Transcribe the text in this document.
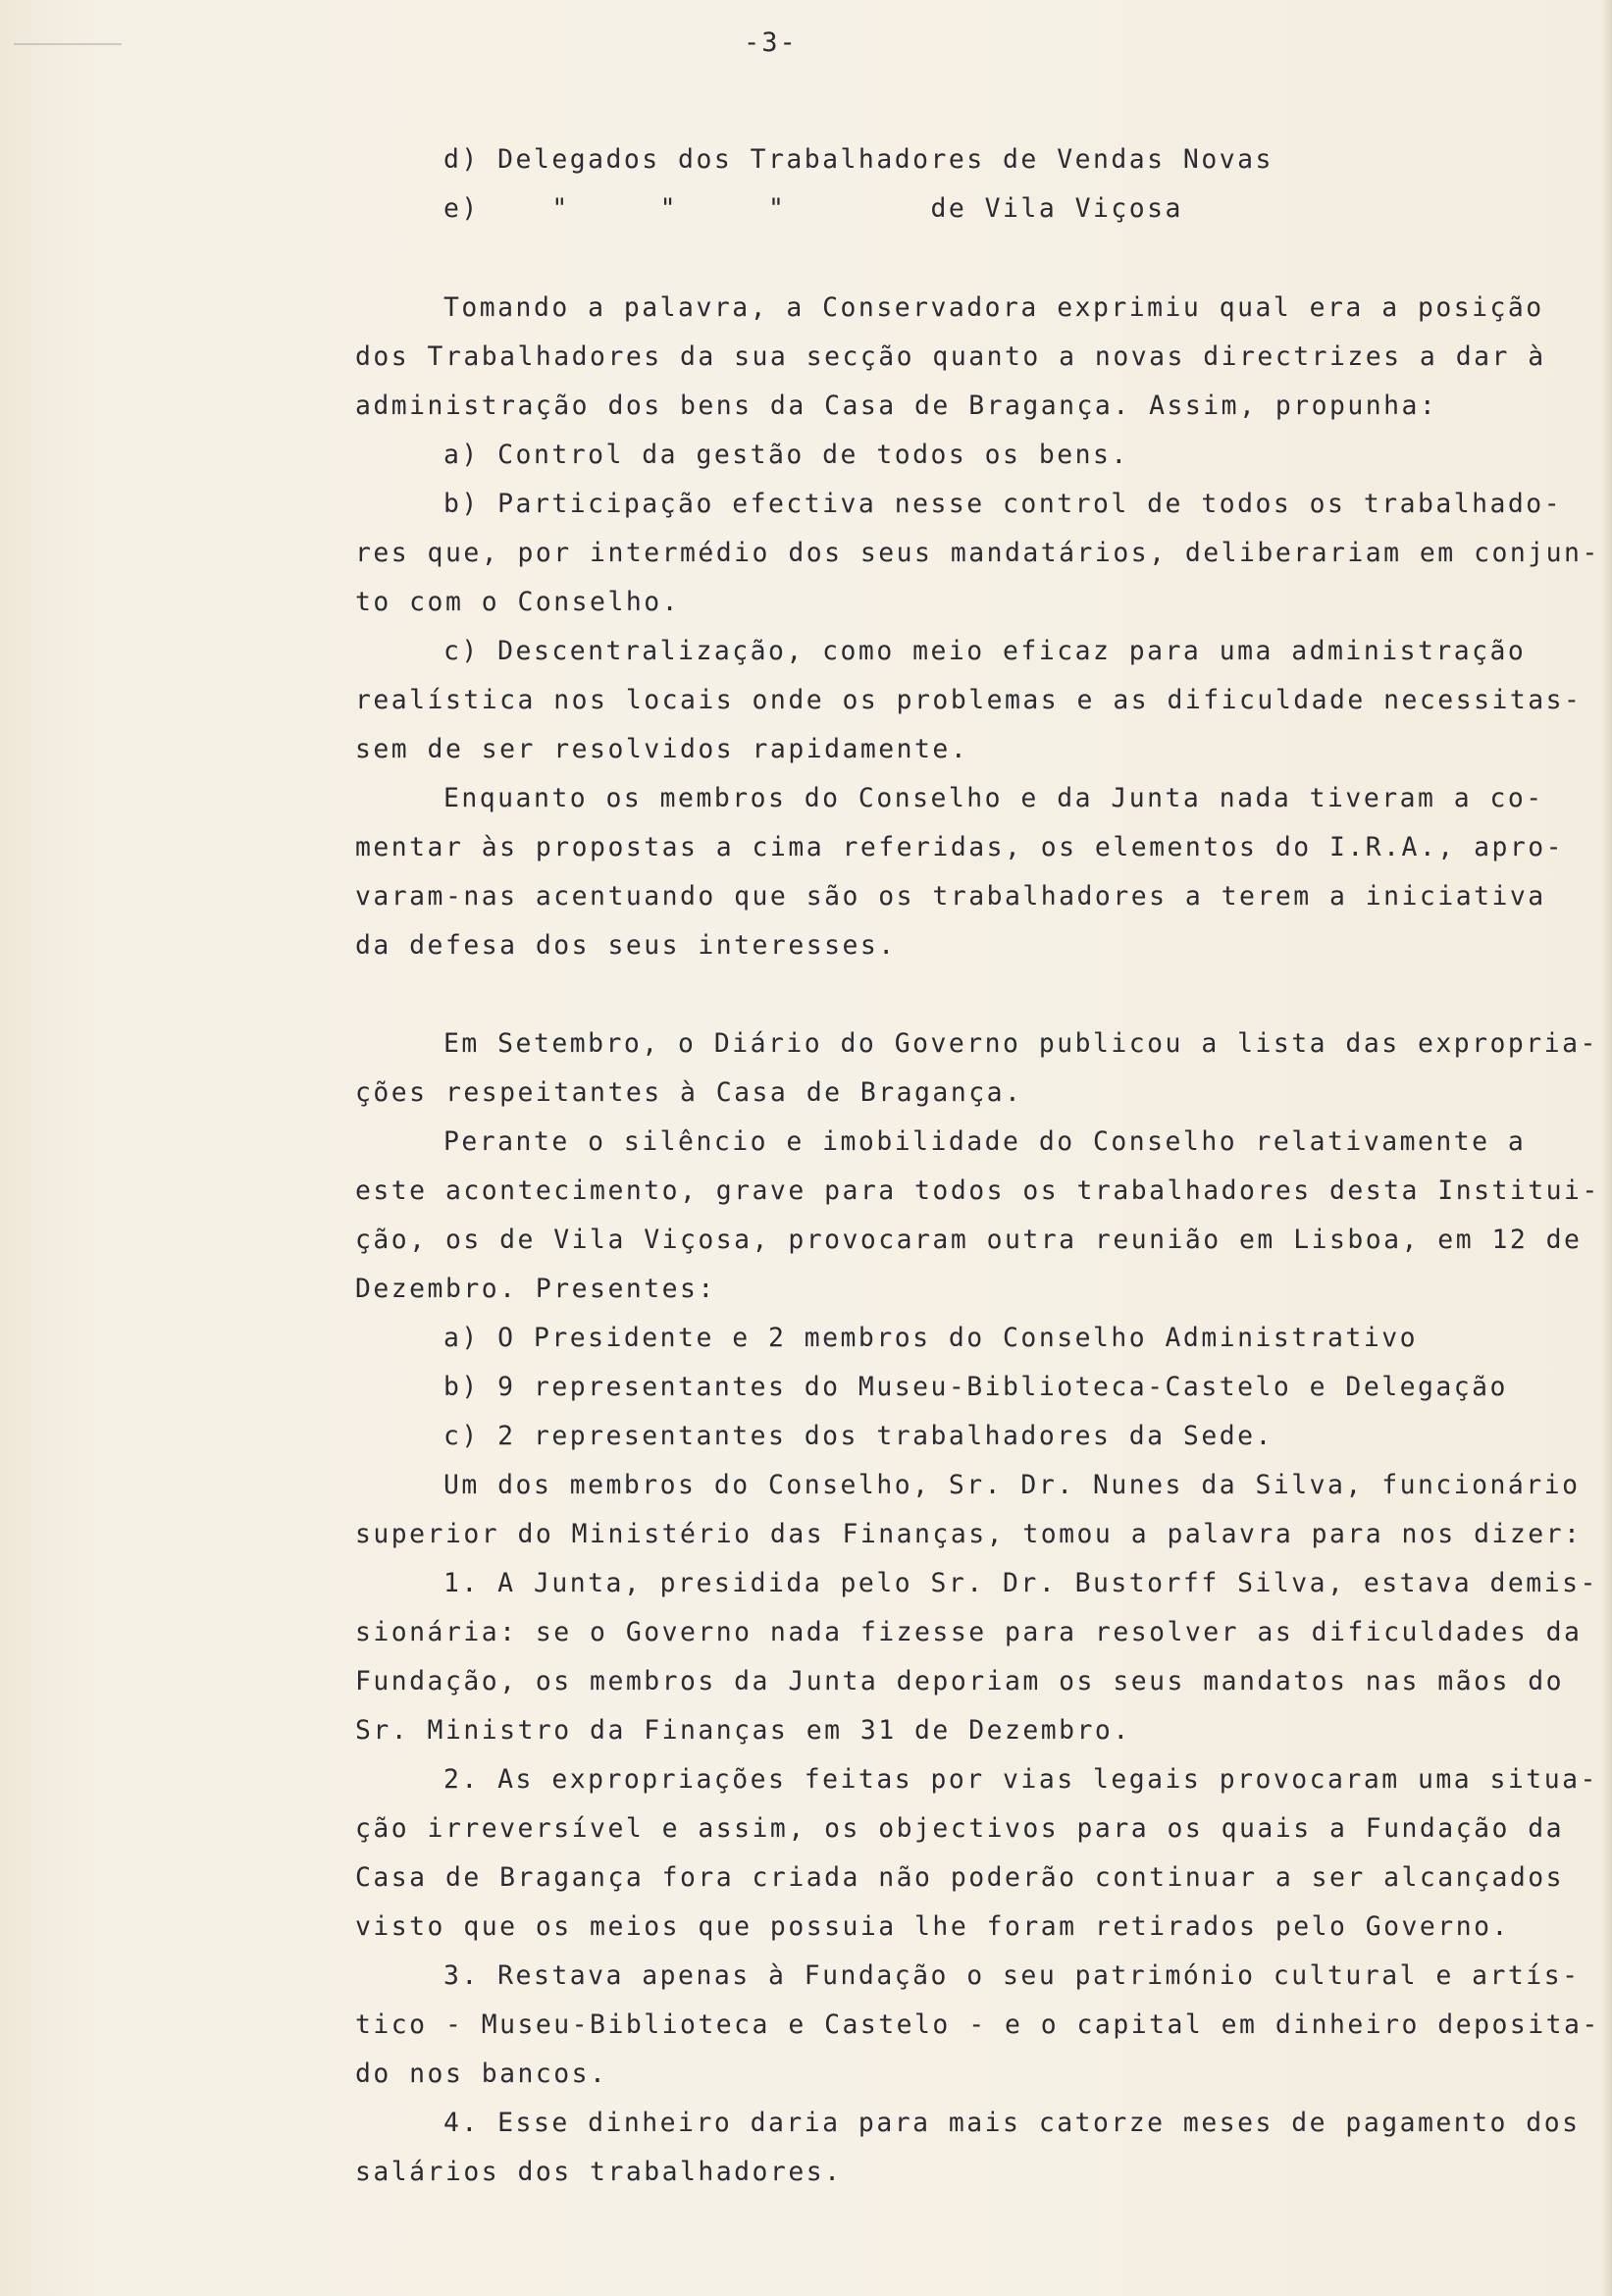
-3-
d) Delegados dos Trabalhadores de Vendas Novas
e)    "     "     "        de Vila Viçosa
Tomando a palavra, a Conservadora exprimiu qual era a posição
dos Trabalhadores da sua secção quanto a novas directrizes a dar à
administração dos bens da Casa de Bragança. Assim, propunha:
a) Control da gestão de todos os bens.
b) Participação efectiva nesse control de todos os trabalhado-
res que, por intermédio dos seus mandatários, deliberariam em conjun-
to com o Conselho.
c) Descentralização, como meio eficaz para uma administração
realística nos locais onde os problemas e as dificuldade necessitas-
sem de ser resolvidos rapidamente.
Enquanto os membros do Conselho e da Junta nada tiveram a co-
mentar às propostas a cima referidas, os elementos do I.R.A., apro-
varam-nas acentuando que são os trabalhadores a terem a iniciativa
da defesa dos seus interesses.
Em Setembro, o Diário do Governo publicou a lista das expropria-
ções respeitantes à Casa de Bragança.
Perante o silêncio e imobilidade do Conselho relativamente a
este acontecimento, grave para todos os trabalhadores desta Institui-
ção, os de Vila Viçosa, provocaram outra reunião em Lisboa, em 12 de
Dezembro. Presentes:
a) O Presidente e 2 membros do Conselho Administrativo
b) 9 representantes do Museu-Biblioteca-Castelo e Delegação
c) 2 representantes dos trabalhadores da Sede.
Um dos membros do Conselho, Sr. Dr. Nunes da Silva, funcionário
superior do Ministério das Finanças, tomou a palavra para nos dizer:
1. A Junta, presidida pelo Sr. Dr. Bustorff Silva, estava demis-
sionária: se o Governo nada fizesse para resolver as dificuldades da
Fundação, os membros da Junta deporiam os seus mandatos nas mãos do
Sr. Ministro da Finanças em 31 de Dezembro.
2. As expropriações feitas por vias legais provocaram uma situa-
ção irreversível e assim, os objectivos para os quais a Fundação da
Casa de Bragança fora criada não poderão continuar a ser alcançados
visto que os meios que possuia lhe foram retirados pelo Governo.
3. Restava apenas à Fundação o seu património cultural e artís-
tico - Museu-Biblioteca e Castelo - e o capital em dinheiro deposita-
do nos bancos.
4. Esse dinheiro daria para mais catorze meses de pagamento dos
salários dos trabalhadores.
